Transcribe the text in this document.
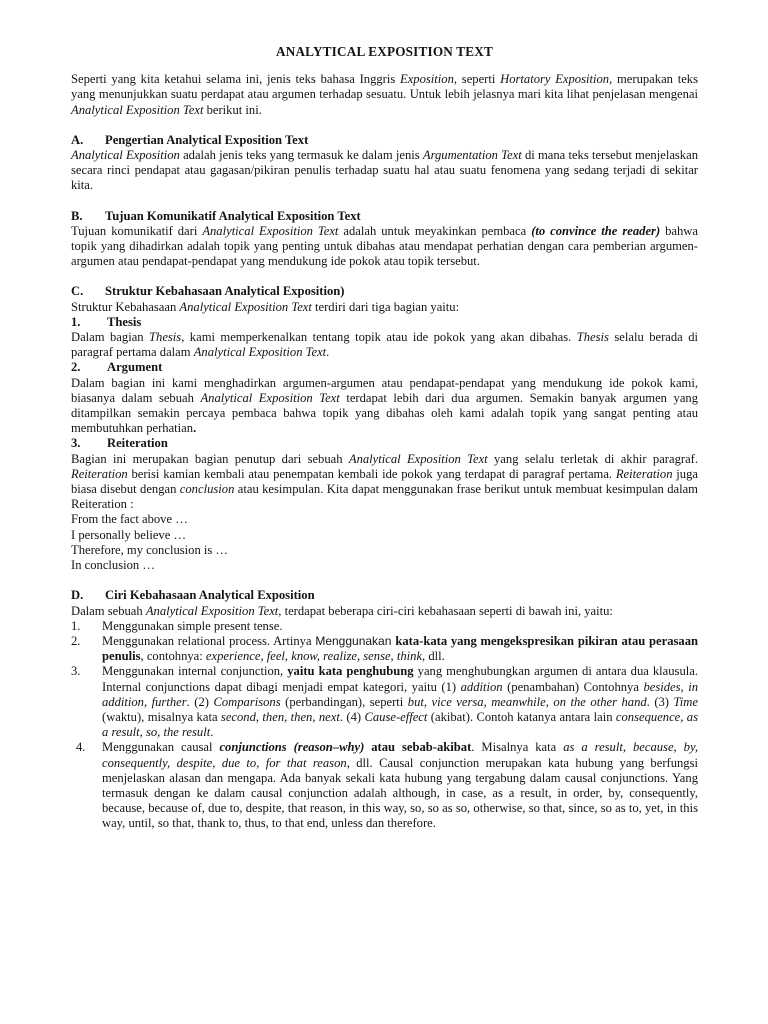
ANALYTICAL EXPOSITION TEXT

Seperti yang kita ketahui selama ini, jenis teks bahasa Inggris Exposition, seperti Hortatory Exposition, merupakan teks yang menunjukkan suatu perdapat atau argumen terhadap sesuatu. Untuk lebih jelasnya mari kita lihat penjelasan mengenai Analytical Exposition Text berikut ini.

A.	Pengertian Analytical Exposition Text

Analytical Exposition adalah jenis teks yang termasuk ke dalam jenis Argumentation Text di mana teks tersebut menjelaskan secara rinci pendapat atau gagasan/pikiran penulis terhadap suatu hal atau suatu fenomena yang sedang terjadi di sekitar kita.

B.	Tujuan Komunikatif Analytical Exposition Text

Tujuan komunikatif dari Analytical Exposition Text adalah untuk meyakinkan pembaca (to convince the reader) bahwa topik yang dihadirkan adalah topik yang penting untuk dibahas atau mendapat perhatian dengan cara pemberian argumen-argumen atau pendapat-pendapat yang mendukung ide pokok atau topik tersebut.

C.	Struktur Kebahasaan Analytical Exposition)

Struktur Kebahasaan Analytical Exposition Text terdiri dari tiga bagian yaitu:

1.	Thesis

Dalam bagian Thesis, kami memperkenalkan tentang topik atau ide pokok yang akan dibahas. Thesis selalu berada di paragraf pertama dalam Analytical Exposition Text.

2.	Argument

Dalam bagian ini kami menghadirkan argumen-argumen atau pendapat-pendapat yang mendukung ide pokok kami, biasanya dalam sebuah Analytical Exposition Text terdapat lebih dari dua argumen. Semakin banyak argumen yang ditampilkan semakin percaya pembaca bahwa topik yang dibahas oleh kami adalah topik yang sangat penting atau membutuhkan perhatian.

3.	Reiteration

Bagian ini merupakan bagian penutup dari sebuah Analytical Exposition Text yang selalu terletak di akhir paragraf. Reiteration berisi kamian kembali atau penempatan kembali ide pokok yang terdapat di paragraf pertama. Reiteration juga biasa disebut dengan conclusion atau kesimpulan. Kita dapat menggunakan frase berikut untuk membuat kesimpulan dalam Reiteration :

From the fact above …
I personally believe …
Therefore, my conclusion is …
In conclusion …
D.	Ciri Kebahasaan Analytical Exposition

Dalam sebuah Analytical Exposition Text, terdapat beberapa ciri-ciri kebahasaan seperti di bawah ini, yaitu:

1.	Menggunakan simple present tense.
2.	Menggunakan relational process. Artinya Menggunakan kata-kata yang mengekspresikan pikiran atau perasaan penulis, contohnya: experience, feel, know, realize, sense, think, dll.
3.	Menggunakan internal conjunction, yaitu kata penghubung yang menghubungkan argumen di antara dua klausula. Internal conjunctions dapat dibagi menjadi empat kategori, yaitu (1) addition (penambahan) Contohnya besides, in addition, further. (2) Comparisons (perbandingan), seperti but, vice versa, meanwhile, on the other hand. (3) Time (waktu), misalnya kata second, then, then, next. (4) Cause-effect (akibat). Contoh katanya antara lain consequence, as a result, so, the result.
4.	Menggunakan causal conjunctions (reason–why) atau sebab-akibat. Misalnya kata as a result, because, by, consequently, despite, due to, for that reason, dll. Causal conjunction merupakan kata hubung yang berfungsi menjelaskan alasan dan mengapa. Ada banyak sekali kata hubung yang tergabung dalam causal conjunctions. Yang termasuk dengan ke dalam causal conjunction adalah although, in case, as a result, in order, by, consequently, because, because of, due to, despite, that reason, in this way, so, so as so, otherwise, so that, since, so as to, yet, in this way, until, so that, thank to, thus, to that end, unless dan therefore.
